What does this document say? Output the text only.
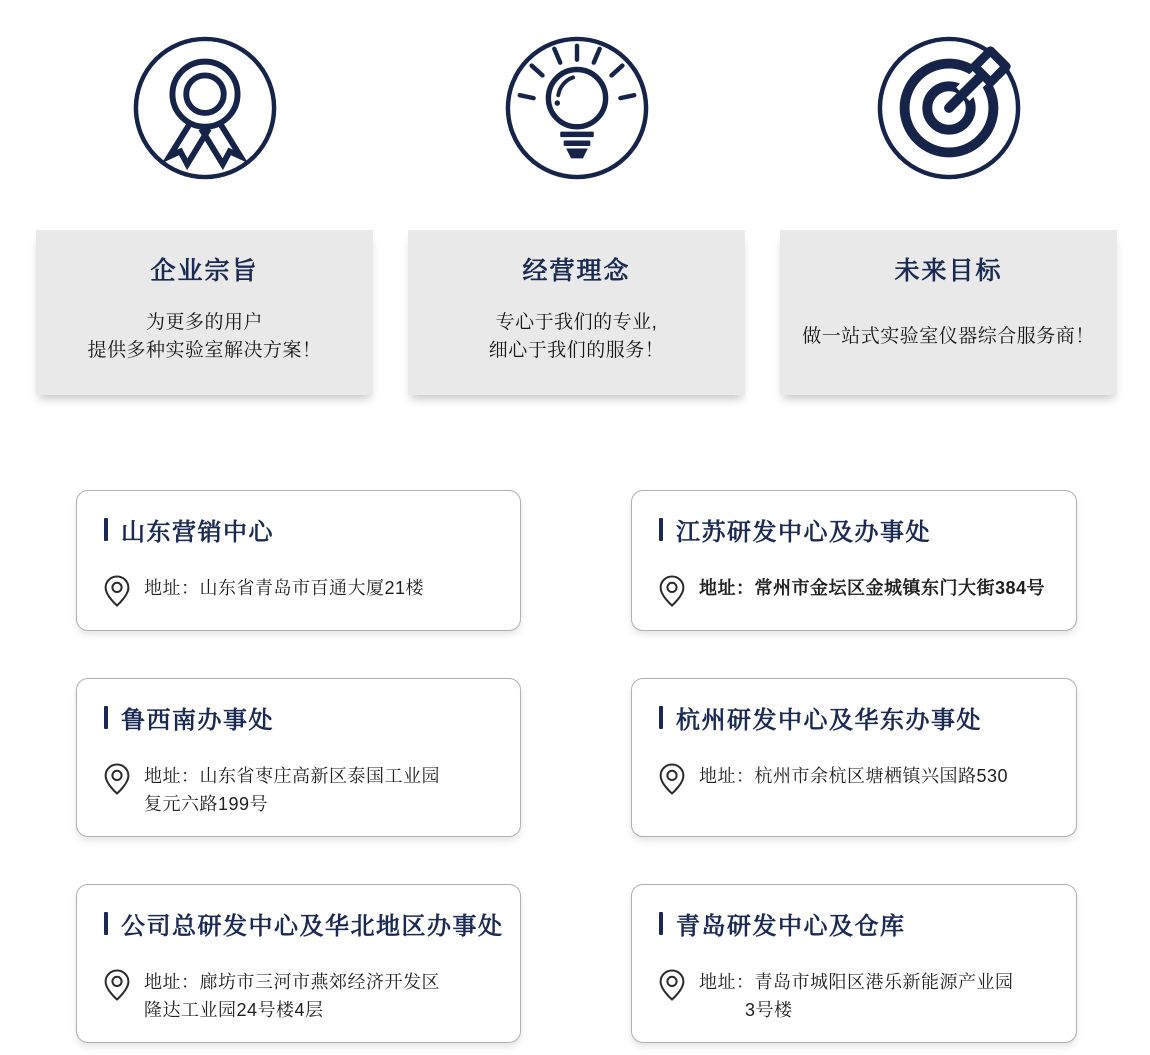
企业宗旨
为更多的用户
提供多种实验室解决方案！
经营理念
专心于我们的专业,
细心于我们的服务！
未来目标
做一站式实验室仪器综合服务商！
山东营销中心
地址：山东省青岛市百通大厦21楼
江苏研发中心及办事处
地址：常州市金坛区金城镇东门大街384号
鲁西南办事处
地址：山东省枣庄高新区泰国工业园
复元六路199号
杭州研发中心及华东办事处
地址：杭州市余杭区塘栖镇兴国路530
公司总研发中心及华北地区办事处
地址：廊坊市三河市燕郊经济开发区
隆达工业园24号楼4层
青岛研发中心及仓库
地址：青岛市城阳区港乐新能源产业园
3号楼
